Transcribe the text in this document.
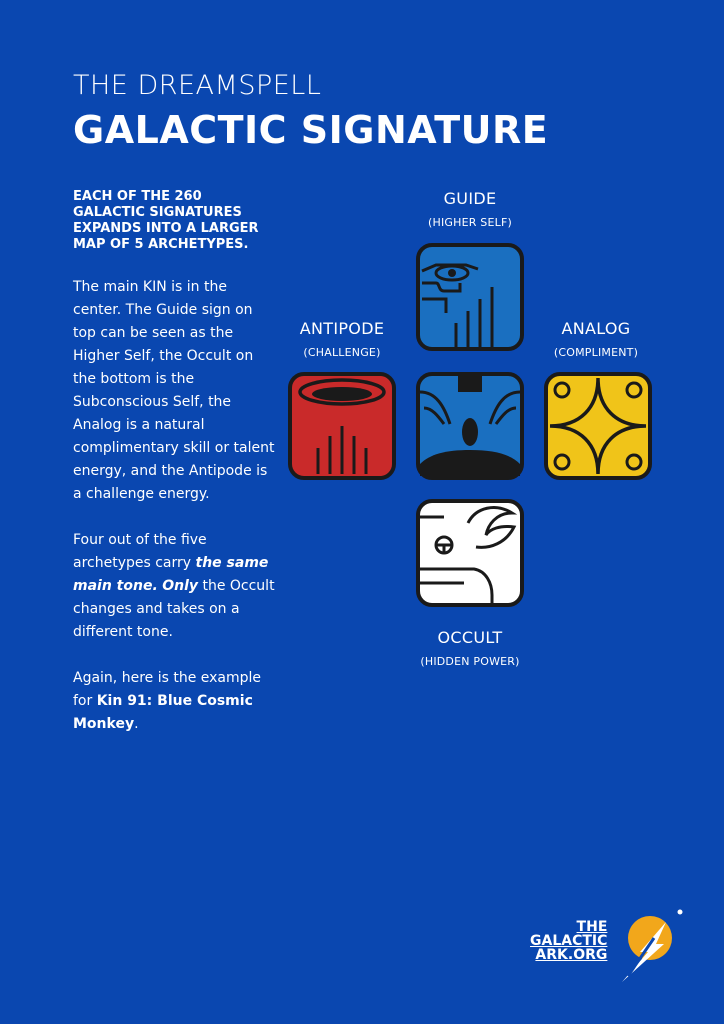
THE DREAMSPELL
GALACTIC SIGNATURE

EACH OF THE 260 GALACTIC SIGNATURES EXPANDS INTO A LARGER MAP OF 5 ARCHETYPES.

The main KIN is in the center. The Guide sign on top can be seen as the Higher Self, the Occult on the bottom is the Subconscious Self, the Analog is a natural complimentary skill or talent energy, and the Antipode is a challenge energy.

Four out of the five archetypes carry the same main tone. Only the Occult changes and takes on a different tone.

Again, here is the example for Kin 91: Blue Cosmic Monkey.

GUIDE
(HIGHER SELF)
ANTIPODE
(CHALLENGE)
ANALOG
(COMPLIMENT)
OCCULT
(HIDDEN POWER)
THE
GALACTIC
ARK.ORG
